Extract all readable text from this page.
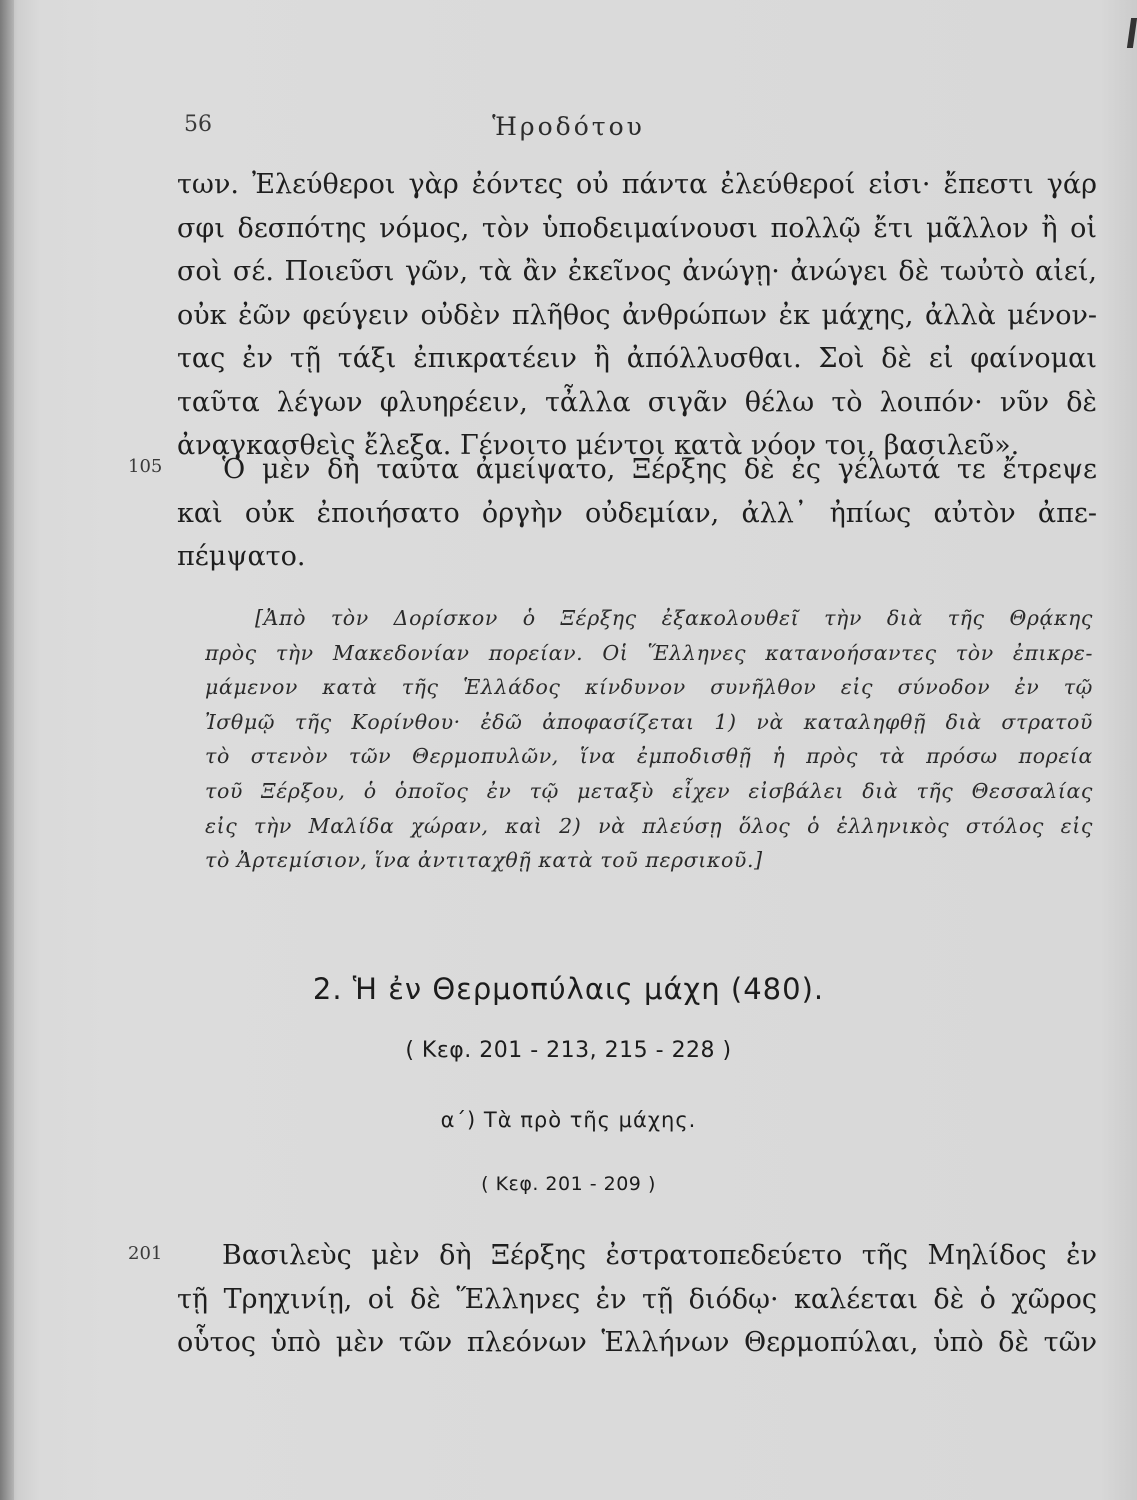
56	Ἡροδότου
των. Ἐλεύθεροι γὰρ ἐόντες οὐ πάντα ἐλεύθεροί εἰσι· ἔπεστι γάρ
σφι δεσπότης νόμος, τὸν ὑποδειμαίνουσι πολλῷ ἔτι μᾶλλον ἢ οἱ
σοὶ σέ. Ποιεῦσι γῶν, τὰ ἂν ἐκεῖνος ἀνώγῃ· ἀνώγει δὲ τωὐτὸ αἰεί,
οὐκ ἐῶν φεύγειν οὐδὲν πλῆθος ἀνθρώπων ἐκ μάχης, ἀλλὰ μένον-
τας ἐν τῇ τάξι ἐπικρατέειν ἢ ἀπόλλυσθαι. Σοὶ δὲ εἰ φαίνομαι
ταῦτα λέγων φλυηρέειν, τἆλλα σιγᾶν θέλω τὸ λοιπόν· νῦν δὲ
ἀναγκασθεὶς ἔλεξα. Γένοιτο μέντοι κατὰ νόον τοι, βασιλεῦ».
105	Ὁ μὲν δὴ ταῦτα ἀμείψατο, Ξέρξης δὲ ἐς γέλωτά τε ἔτρεψε
καὶ οὐκ ἐποιήσατο ὀργὴν οὐδεμίαν, ἀλλ᾽ ἠπίως αὐτὸν ἀπε-
πέμψατο.
[Ἀπὸ τὸν Δορίσκον ὁ Ξέρξης ἐξακολουθεῖ τὴν διὰ τῆς Θρᾴκης
πρὸς τὴν Μακεδονίαν πορείαν. Οἱ Ἕλληνες κατανοήσαντες τὸν ἐπικρε-
μάμενον κατὰ τῆς Ἑλλάδος κίνδυνον συνῆλθον εἰς σύνοδον ἐν τῷ
Ἰσθμῷ τῆς Κορίνθου· ἐδῶ ἀποφασίζεται 1) νὰ καταληφθῇ διὰ στρατοῦ
τὸ στενὸν τῶν Θερμοπυλῶν, ἵνα ἐμποδισθῇ ἡ πρὸς τὰ πρόσω πορεία
τοῦ Ξέρξου, ὁ ὁποῖος ἐν τῷ μεταξὺ εἶχεν εἰσβάλει διὰ τῆς Θεσσαλίας
εἰς τὴν Μαλίδα χώραν, καὶ 2) νὰ πλεύσῃ ὅλος ὁ ἑλληνικὸς στόλος εἰς
τὸ Ἀρτεμίσιον, ἵνα ἀντιταχθῇ κατὰ τοῦ περσικοῦ.]
2. Ἡ ἐν Θερμοπύλαις μάχη (480).
( Κεφ. 201 - 213, 215 - 228 )
α΄) Τὰ πρὸ τῆς μάχης.
( Κεφ. 201 - 209 )
201	Βασιλεὺς μὲν δὴ Ξέρξης ἐστρατοπεδεύετο τῆς Μηλίδος ἐν
τῇ Τρηχινίῃ, οἱ δὲ Ἕλληνες ἐν τῇ διόδῳ· καλέεται δὲ ὁ χῶρος
οὗτος ὑπὸ μὲν τῶν πλεόνων Ἑλλήνων Θερμοπύλαι, ὑπὸ δὲ τῶν
